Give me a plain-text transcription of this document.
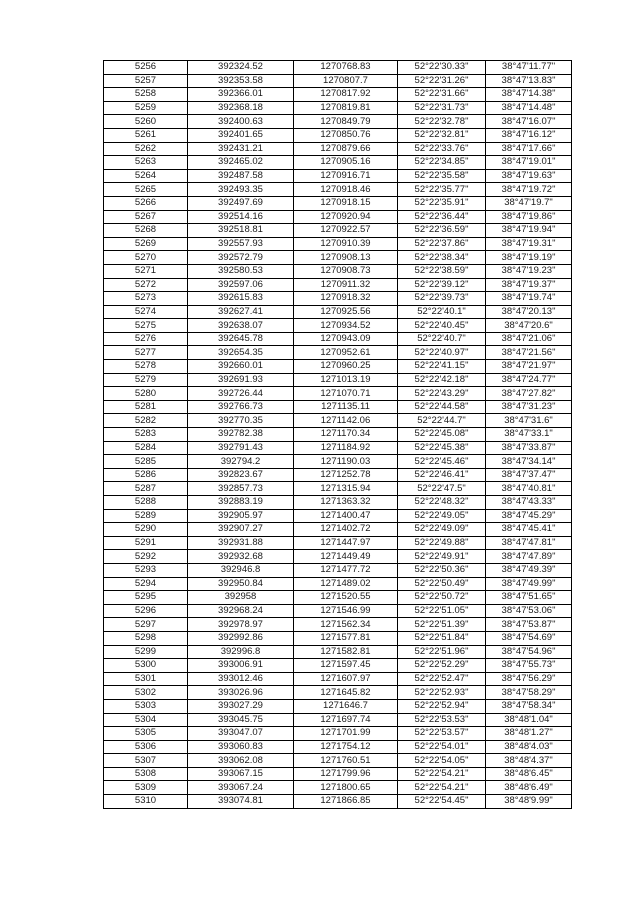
5256	392324.52	1270768.83	52°22'30.33"	38°47'11.77"
5257	392353.58	1270807.7	52°22'31.26"	38°47'13.83"
5258	392366.01	1270817.92	52°22'31.66"	38°47'14.38"
5259	392368.18	1270819.81	52°22'31.73"	38°47'14.48"
5260	392400.63	1270849.79	52°22'32.78"	38°47'16.07"
5261	392401.65	1270850.76	52°22'32.81"	38°47'16.12"
5262	392431.21	1270879.66	52°22'33.76"	38°47'17.66"
5263	392465.02	1270905.16	52°22'34.85"	38°47'19.01"
5264	392487.58	1270916.71	52°22'35.58"	38°47'19.63"
5265	392493.35	1270918.46	52°22'35.77"	38°47'19.72"
5266	392497.69	1270918.15	52°22'35.91"	38°47'19.7"
5267	392514.16	1270920.94	52°22'36.44"	38°47'19.86"
5268	392518.81	1270922.57	52°22'36.59"	38°47'19.94"
5269	392557.93	1270910.39	52°22'37.86"	38°47'19.31"
5270	392572.79	1270908.13	52°22'38.34"	38°47'19.19"
5271	392580.53	1270908.73	52°22'38.59"	38°47'19.23"
5272	392597.06	1270911.32	52°22'39.12"	38°47'19.37"
5273	392615.83	1270918.32	52°22'39.73"	38°47'19.74"
5274	392627.41	1270925.56	52°22'40.1"	38°47'20.13"
5275	392638.07	1270934.52	52°22'40.45"	38°47'20.6"
5276	392645.78	1270943.09	52°22'40.7"	38°47'21.06"
5277	392654.35	1270952.61	52°22'40.97"	38°47'21.56"
5278	392660.01	1270960.25	52°22'41.15"	38°47'21.97"
5279	392691.93	1271013.19	52°22'42.18"	38°47'24.77"
5280	392726.44	1271070.71	52°22'43.29"	38°47'27.82"
5281	392766.73	1271135.11	52°22'44.58"	38°47'31.23"
5282	392770.35	1271142.06	52°22'44.7"	38°47'31.6"
5283	392782.38	1271170.34	52°22'45.08"	38°47'33.1"
5284	392791.43	1271184.92	52°22'45.38"	38°47'33.87"
5285	392794.2	1271190.03	52°22'45.46"	38°47'34.14"
5286	392823.67	1271252.78	52°22'46.41"	38°47'37.47"
5287	392857.73	1271315.94	52°22'47.5"	38°47'40.81"
5288	392883.19	1271363.32	52°22'48.32"	38°47'43.33"
5289	392905.97	1271400.47	52°22'49.05"	38°47'45.29"
5290	392907.27	1271402.72	52°22'49.09"	38°47'45.41"
5291	392931.88	1271447.97	52°22'49.88"	38°47'47.81"
5292	392932.68	1271449.49	52°22'49.91"	38°47'47.89"
5293	392946.8	1271477.72	52°22'50.36"	38°47'49.39"
5294	392950.84	1271489.02	52°22'50.49"	38°47'49.99"
5295	392958	1271520.55	52°22'50.72"	38°47'51.65"
5296	392968.24	1271546.99	52°22'51.05"	38°47'53.06"
5297	392978.97	1271562.34	52°22'51.39"	38°47'53.87"
5298	392992.86	1271577.81	52°22'51.84"	38°47'54.69"
5299	392996.8	1271582.81	52°22'51.96"	38°47'54.96"
5300	393006.91	1271597.45	52°22'52.29"	38°47'55.73"
5301	393012.46	1271607.97	52°22'52.47"	38°47'56.29"
5302	393026.96	1271645.82	52°22'52.93"	38°47'58.29"
5303	393027.29	1271646.7	52°22'52.94"	38°47'58.34"
5304	393045.75	1271697.74	52°22'53.53"	38°48'1.04"
5305	393047.07	1271701.99	52°22'53.57"	38°48'1.27"
5306	393060.83	1271754.12	52°22'54.01"	38°48'4.03"
5307	393062.08	1271760.51	52°22'54.05"	38°48'4.37"
5308	393067.15	1271799.96	52°22'54.21"	38°48'6.45"
5309	393067.24	1271800.65	52°22'54.21"	38°48'6.49"
5310	393074.81	1271866.85	52°22'54.45"	38°48'9.99"
